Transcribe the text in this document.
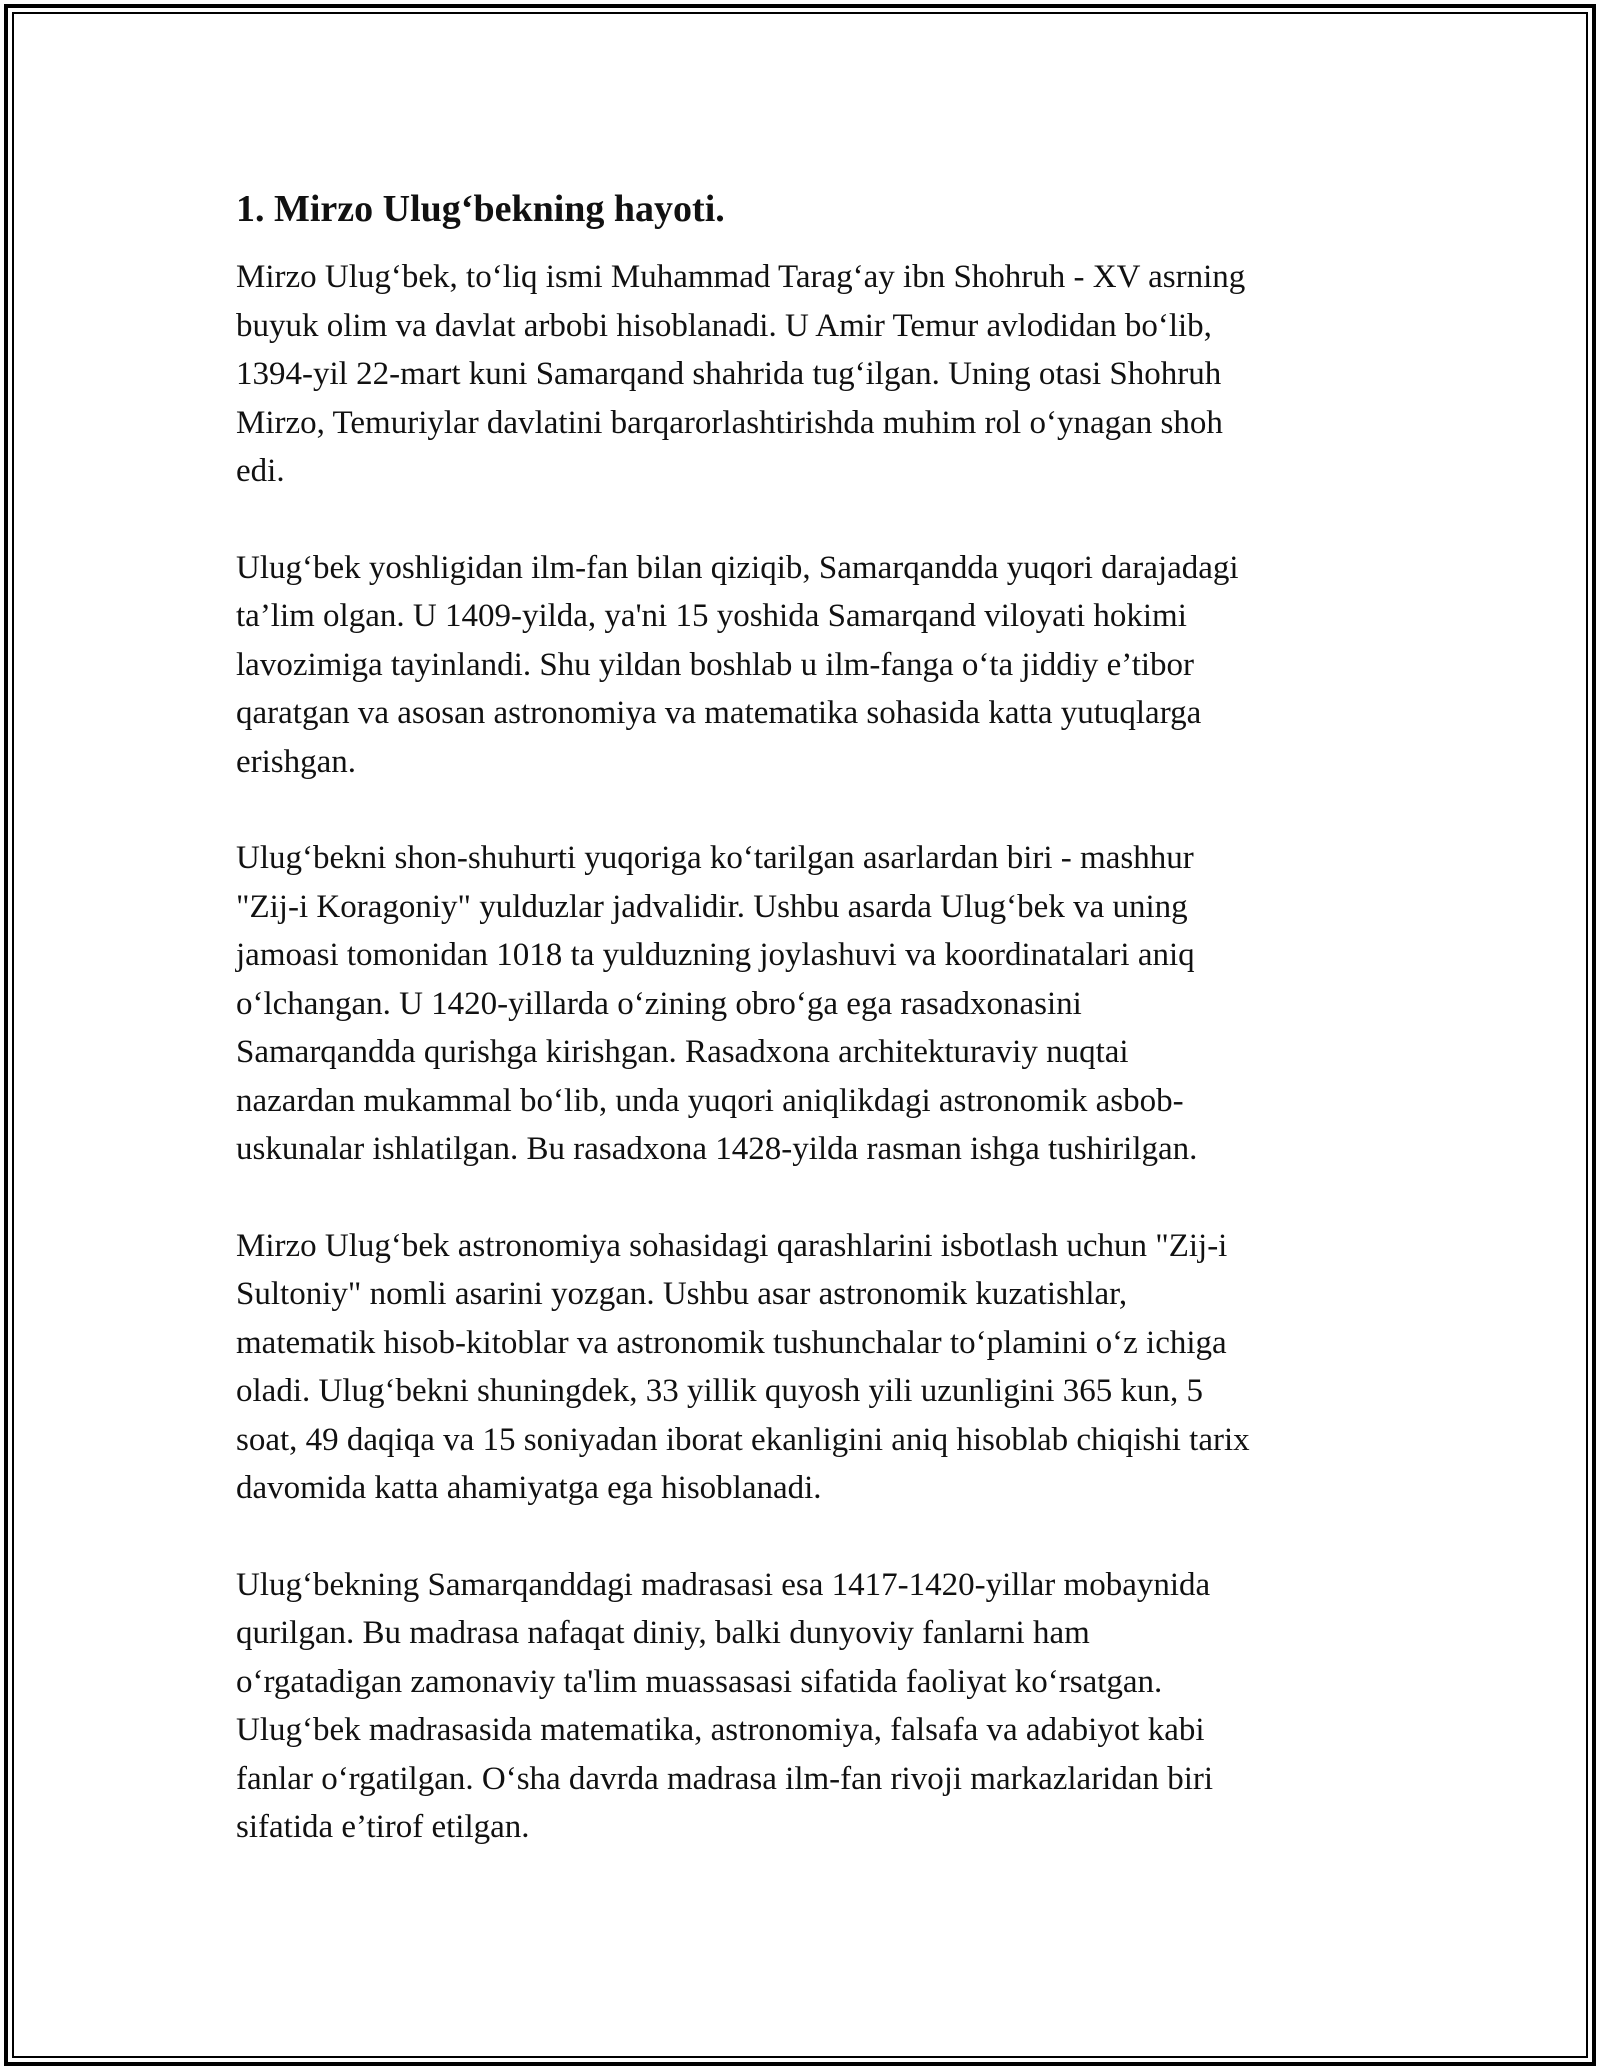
1. Mirzo Ulug‘bekning hayoti.

Mirzo Ulug‘bek, to‘liq ismi Muhammad Tarag‘ay ibn Shohruh - XV asrning
buyuk olim va davlat arbobi hisoblanadi. U Amir Temur avlodidan bo‘lib,
1394-yil 22-mart kuni Samarqand shahrida tug‘ilgan. Uning otasi Shohruh
Mirzo, Temuriylar davlatini barqarorlashtirishda muhim rol o‘ynagan shoh
edi.

Ulug‘bek yoshligidan ilm-fan bilan qiziqib, Samarqandda yuqori darajadagi
ta’lim olgan. U 1409-yilda, ya'ni 15 yoshida Samarqand viloyati hokimi
lavozimiga tayinlandi. Shu yildan boshlab u ilm-fanga o‘ta jiddiy e’tibor
qaratgan va asosan astronomiya va matematika sohasida katta yutuqlarga
erishgan.

Ulug‘bekni shon-shuhurti yuqoriga ko‘tarilgan asarlardan biri - mashhur
"Zij-i Koragoniy" yulduzlar jadvalidir. Ushbu asarda Ulug‘bek va uning
jamoasi tomonidan 1018 ta yulduzning joylashuvi va koordinatalari aniq
o‘lchangan. U 1420-yillarda o‘zining obro‘ga ega rasadxonasini
Samarqandda qurishga kirishgan. Rasadxona architekturaviy nuqtai
nazardan mukammal bo‘lib, unda yuqori aniqlikdagi astronomik asbob-
uskunalar ishlatilgan. Bu rasadxona 1428-yilda rasman ishga tushirilgan.

Mirzo Ulug‘bek astronomiya sohasidagi qarashlarini isbotlash uchun "Zij-i
Sultoniy" nomli asarini yozgan. Ushbu asar astronomik kuzatishlar,
matematik hisob-kitoblar va astronomik tushunchalar to‘plamini o‘z ichiga
oladi. Ulug‘bekni shuningdek, 33 yillik quyosh yili uzunligini 365 kun, 5
soat, 49 daqiqa va 15 soniyadan iborat ekanligini aniq hisoblab chiqishi tarix
davomida katta ahamiyatga ega hisoblanadi.

Ulug‘bekning Samarqanddagi madrasasi esa 1417-1420-yillar mobaynida
qurilgan. Bu madrasa nafaqat diniy, balki dunyoviy fanlarni ham
o‘rgatadigan zamonaviy ta'lim muassasasi sifatida faoliyat ko‘rsatgan.
Ulug‘bek madrasasida matematika, astronomiya, falsafa va adabiyot kabi
fanlar o‘rgatilgan. O‘sha davrda madrasa ilm-fan rivoji markazlaridan biri
sifatida e’tirof etilgan.
